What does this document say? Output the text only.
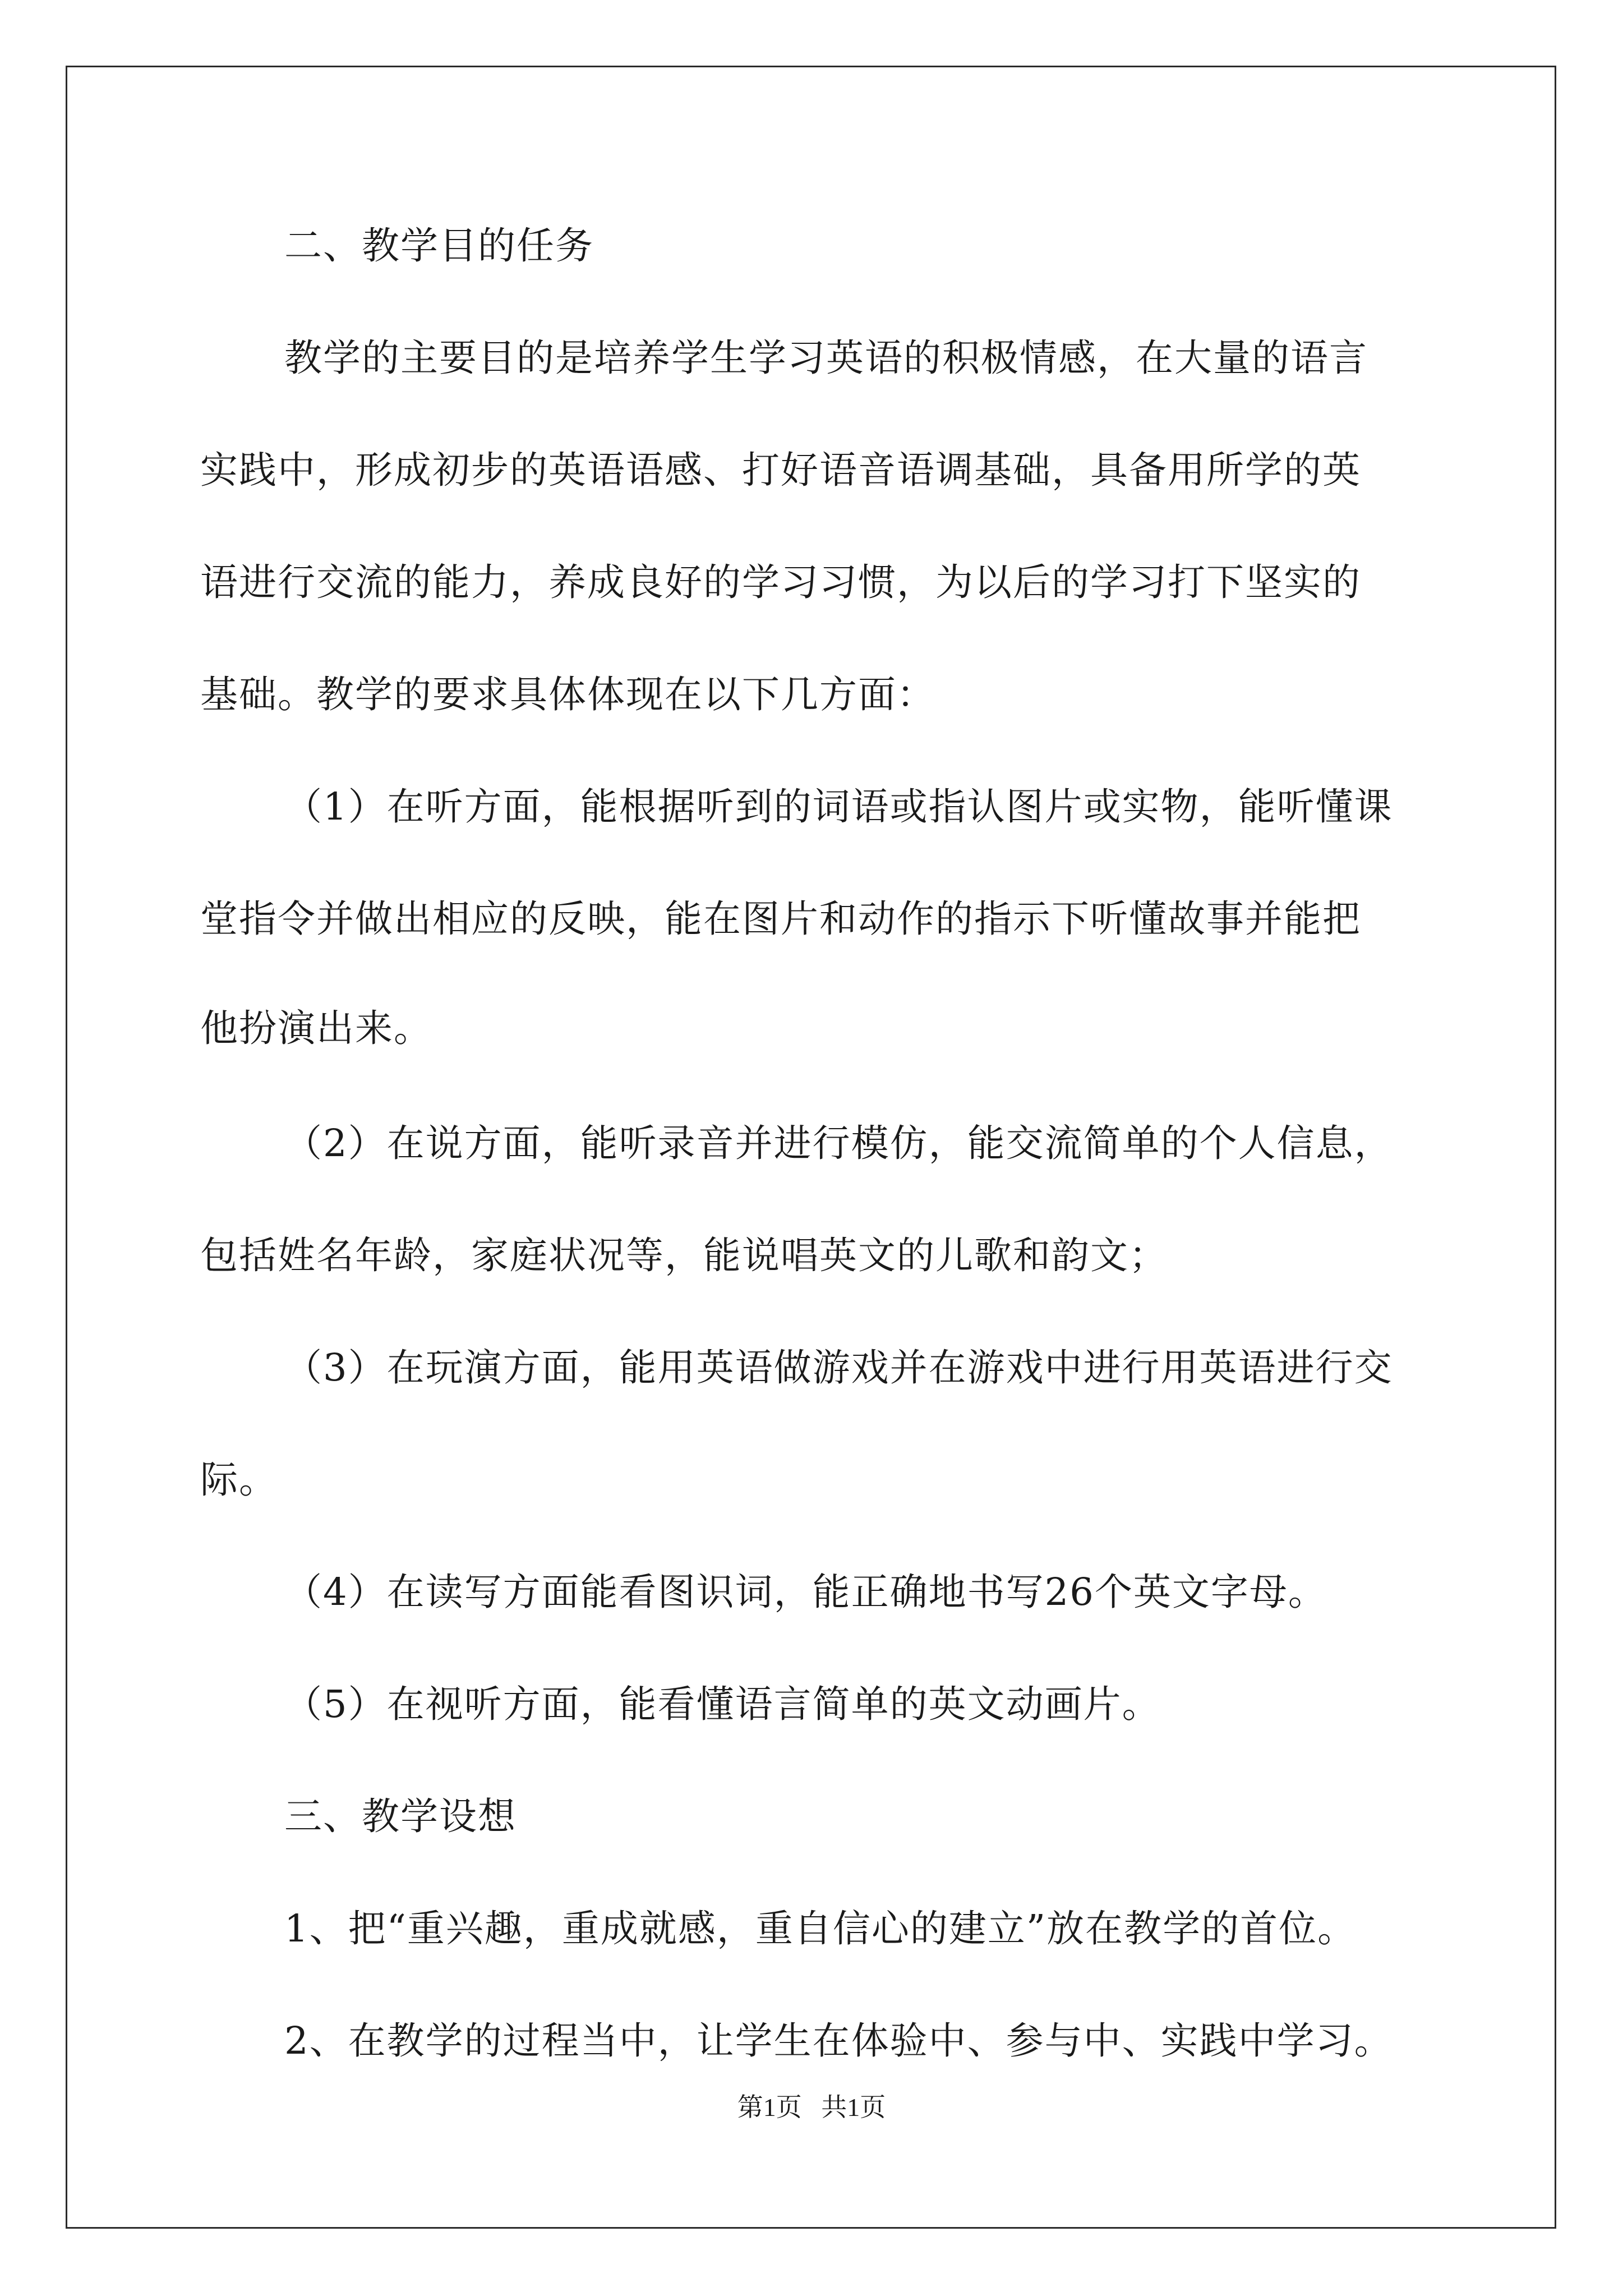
二、教学目的任务
教学的主要目的是培养学生学习英语的积极情感，在大量的语言
实践中，形成初步的英语语感、打好语音语调基础，具备用所学的英
语进行交流的能力，养成良好的学习习惯，为以后的学习打下坚实的
基础。教学的要求具体体现在以下几方面：
（1）在听方面，能根据听到的词语或指认图片或实物，能听懂课
堂指令并做出相应的反映，能在图片和动作的指示下听懂故事并能把
他扮演出来。
（2）在说方面，能听录音并进行模仿，能交流简单的个人信息，
包括姓名年龄，家庭状况等，能说唱英文的儿歌和韵文；
（3）在玩演方面，能用英语做游戏并在游戏中进行用英语进行交
际。
（4）在读写方面能看图识词，能正确地书写26个英文字母。
（5）在视听方面，能看懂语言简单的英文动画片。
三、教学设想
1、把“重兴趣，重成就感，重自信心的建立”放在教学的首位。
2、在教学的过程当中，让学生在体验中、参与中、实践中学习。
第1页 共1页
